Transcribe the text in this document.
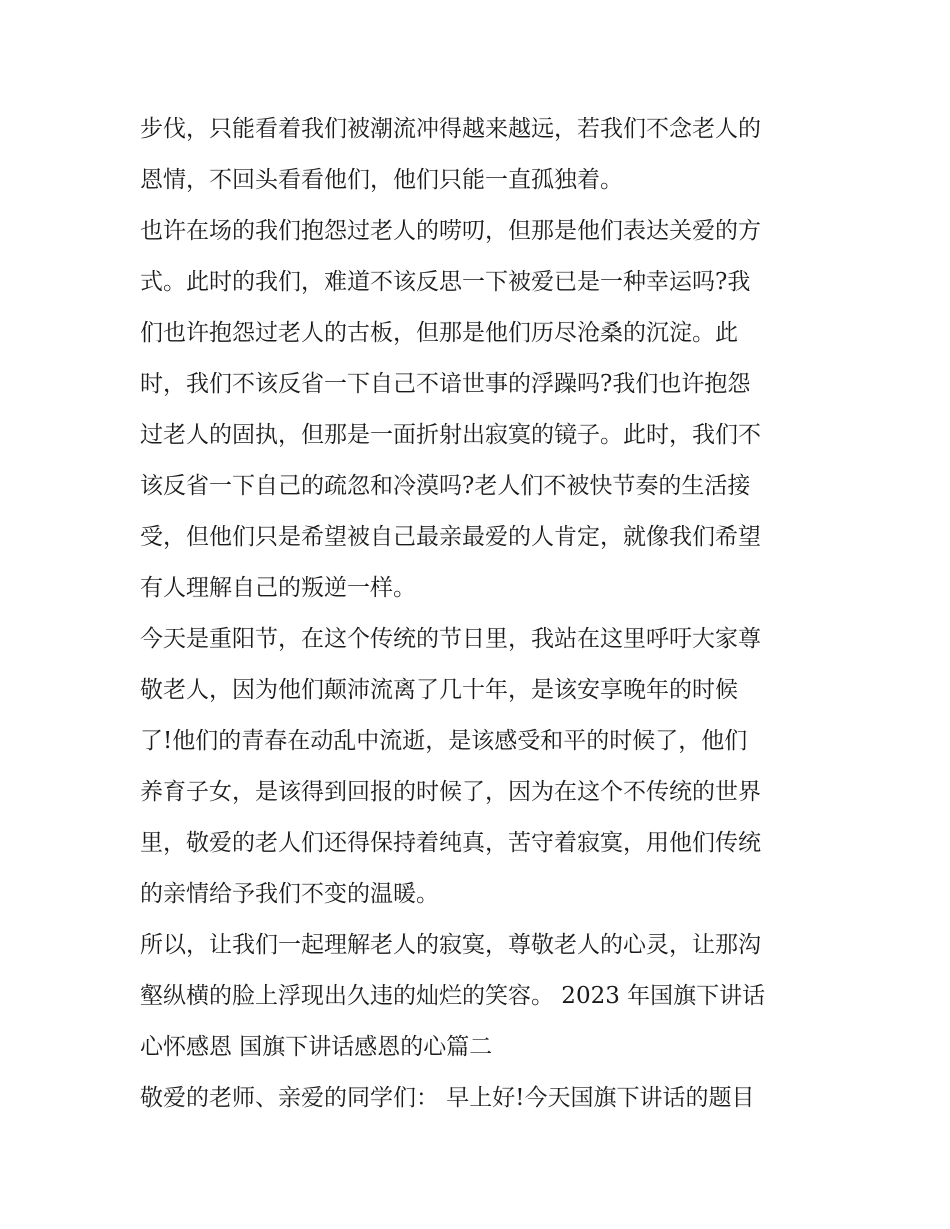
步伐，只能看着我们被潮流冲得越来越远，若我们不念老人的
恩情，不回头看看他们，他们只能一直孤独着。
也许在场的我们抱怨过老人的唠叨，但那是他们表达关爱的方
式。此时的我们，难道不该反思一下被爱已是一种幸运吗?我
们也许抱怨过老人的古板，但那是他们历尽沧桑的沉淀。此
时，我们不该反省一下自己不谙世事的浮躁吗?我们也许抱怨
过老人的固执，但那是一面折射出寂寞的镜子。此时，我们不
该反省一下自己的疏忽和冷漠吗?老人们不被快节奏的生活接
受，但他们只是希望被自己最亲最爱的人肯定，就像我们希望
有人理解自己的叛逆一样。
今天是重阳节，在这个传统的节日里，我站在这里呼吁大家尊
敬老人，因为他们颠沛流离了几十年，是该安享晚年的时候
了!他们的青春在动乱中流逝，是该感受和平的时候了，他们
养育子女，是该得到回报的时候了，因为在这个不传统的世界
里，敬爱的老人们还得保持着纯真，苦守着寂寞，用他们传统
的亲情给予我们不变的温暖。
所以，让我们一起理解老人的寂寞，尊敬老人的心灵，让那沟
壑纵横的脸上浮现出久违的灿烂的笑容。 2023 年国旗下讲话
心怀感恩 国旗下讲话感恩的心篇二
敬爱的老师、亲爱的同学们： 早上好!今天国旗下讲话的题目
